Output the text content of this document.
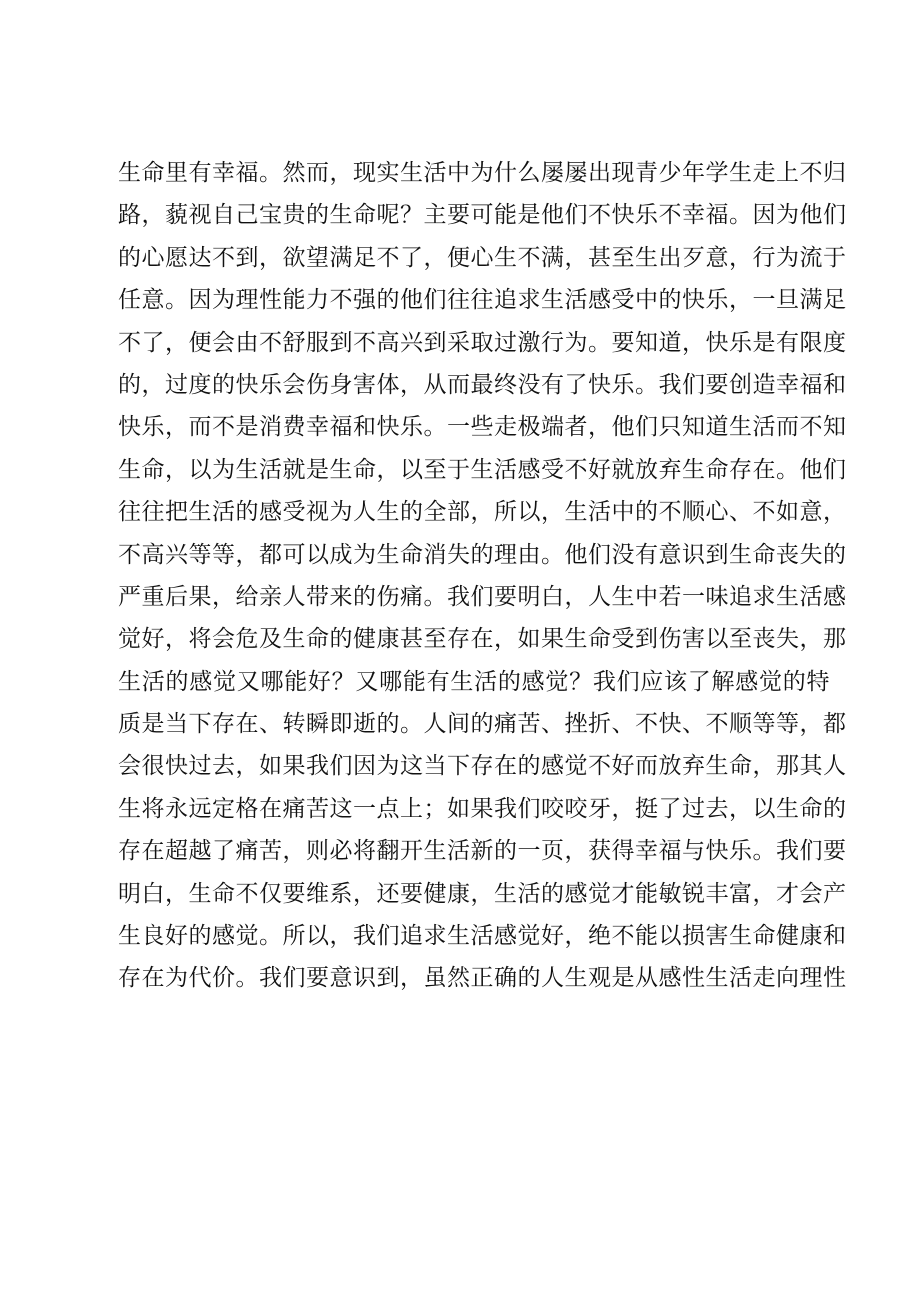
生命里有幸福。然而，现实生活中为什么屡屡出现青少年学生走上不归
路，藐视自己宝贵的生命呢？主要可能是他们不快乐不幸福。因为他们
的心愿达不到，欲望满足不了，便心生不满，甚至生出歹意，行为流于
任意。因为理性能力不强的他们往往追求生活感受中的快乐，一旦满足
不了，便会由不舒服到不高兴到采取过激行为。要知道，快乐是有限度
的，过度的快乐会伤身害体，从而最终没有了快乐。我们要创造幸福和
快乐，而不是消费幸福和快乐。一些走极端者，他们只知道生活而不知
生命，以为生活就是生命，以至于生活感受不好就放弃生命存在。他们
往往把生活的感受视为人生的全部，所以，生活中的不顺心、不如意，
不高兴等等，都可以成为生命消失的理由。他们没有意识到生命丧失的
严重后果，给亲人带来的伤痛。我们要明白，人生中若一味追求生活感
觉好，将会危及生命的健康甚至存在，如果生命受到伤害以至丧失，那
生活的感觉又哪能好？又哪能有生活的感觉？我们应该了解感觉的特
质是当下存在、转瞬即逝的。人间的痛苦、挫折、不快、不顺等等，都
会很快过去，如果我们因为这当下存在的感觉不好而放弃生命，那其人
生将永远定格在痛苦这一点上；如果我们咬咬牙，挺了过去，以生命的
存在超越了痛苦，则必将翻开生活新的一页，获得幸福与快乐。我们要
明白，生命不仅要维系，还要健康，生活的感觉才能敏锐丰富，才会产
生良好的感觉。所以，我们追求生活感觉好，绝不能以损害生命健康和
存在为代价。我们要意识到，虽然正确的人生观是从感性生活走向理性
